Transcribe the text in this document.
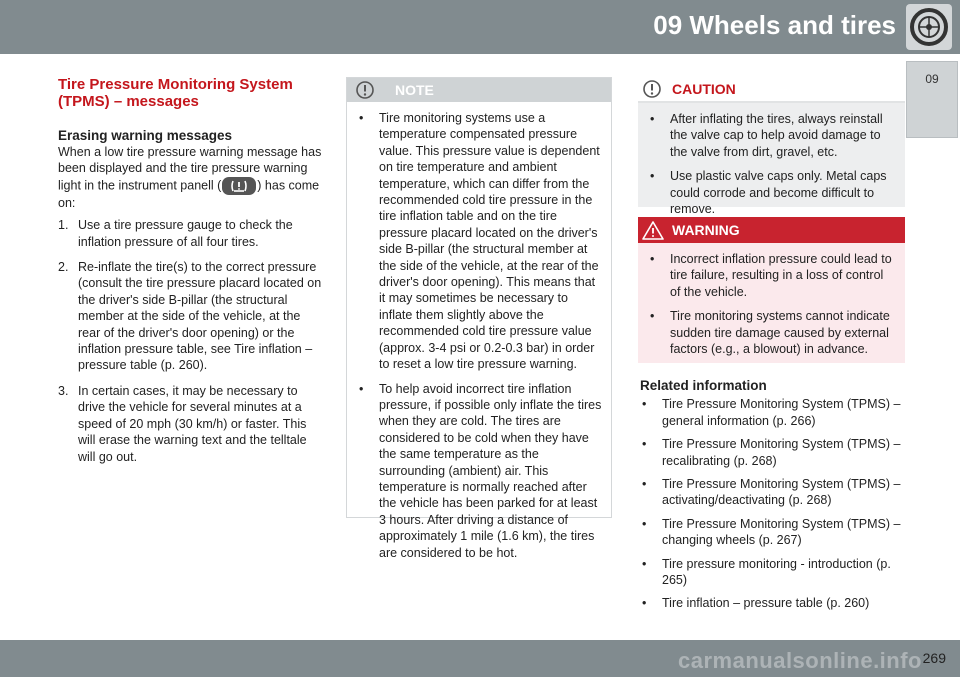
09 Wheels and tires
09
Tire Pressure Monitoring System (TPMS) – messages
Erasing warning messages

When a low tire pressure warning message has been displayed and the tire pressure warning light in the instrument panell (	) has come on:

1. Use a tire pressure gauge to check the inflation pressure of all four tires.
2. Re-inflate the tire(s) to the correct pressure (consult the tire pressure placard located on the driver's side B-pillar (the structural member at the side of the vehicle, at the rear of the driver's door opening) or the inflation pressure table, see Tire inflation – pressure table (p. 260).
3. In certain cases, it may be necessary to drive the vehicle for several minutes at a speed of 20 mph (30 km/h) or faster. This will erase the warning text and the telltale will go out.
NOTE
• Tire monitoring systems use a temperature compensated pressure value. This pressure value is dependent on tire temperature and ambient temperature, which can differ from the recommended cold tire pressure in the tire inflation table and on the tire pressure placard located on the driver's side B-pillar (the structural member at the side of the vehicle, at the rear of the driver's door opening). This means that it may sometimes be necessary to inflate them slightly above the recommended cold tire pressure value (approx. 3-4 psi or 0.2-0.3 bar) in order to reset a low tire pressure warning.
• To help avoid incorrect tire inflation pressure, if possible only inflate the tires when they are cold. The tires are considered to be cold when they have the same temperature as the surrounding (ambient) air. This temperature is normally reached after the vehicle has been parked for at least 3 hours. After driving a distance of approximately 1 mile (1.6 km), the tires are considered to be hot.
CAUTION
• After inflating the tires, always reinstall the valve cap to help avoid damage to the valve from dirt, gravel, etc.
• Use plastic valve caps only. Metal caps could corrode and become difficult to remove.
WARNING
• Incorrect inflation pressure could lead to tire failure, resulting in a loss of control of the vehicle.
• Tire monitoring systems cannot indicate sudden tire damage caused by external factors (e.g., a blowout) in advance.
Related information
• Tire Pressure Monitoring System (TPMS) – general information (p. 266)
• Tire Pressure Monitoring System (TPMS) – recalibrating (p. 268)
• Tire Pressure Monitoring System (TPMS) – activating/deactivating (p. 268)
• Tire Pressure Monitoring System (TPMS) – changing wheels (p. 267)
• Tire pressure monitoring - introduction (p. 265)
• Tire inflation – pressure table (p. 260)
carmanualsonline.info 269
